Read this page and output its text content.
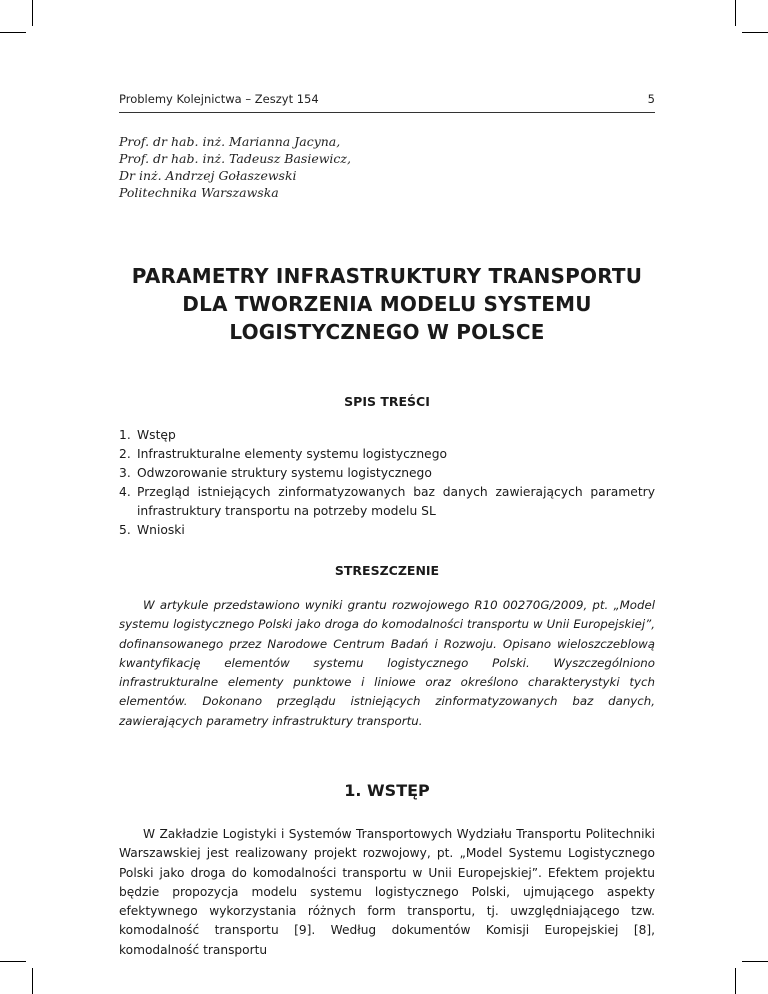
Problemy Kolejnictwa – Zeszyt 154	5
Prof. dr hab. inż. Marianna Jacyna,
Prof. dr hab. inż. Tadeusz Basiewicz,
Dr inż. Andrzej Gołaszewski
Politechnika Warszawska
PARAMETRY INFRASTRUKTURY TRANSPORTU
DLA TWORZENIA MODELU SYSTEMU
LOGISTYCZNEGO W POLSCE
SPIS TREŚCI
1. Wstęp
2. Infrastrukturalne elementy systemu logistycznego
3. Odwzorowanie struktury systemu logistycznego
4. Przegląd istniejących zinformatyzowanych baz danych zawierających parametry infrastruktury transportu na potrzeby modelu SL
5. Wnioski
STRESZCZENIE

W artykule przedstawiono wyniki grantu rozwojowego R10 00270G/2009, pt. „Model systemu logistycznego Polski jako droga do komodalności transportu w Unii Europejskiej”, dofinansowanego przez Narodowe Centrum Badań i Rozwoju. Opisano wieloszczeblową kwantyfikację elementów systemu logistycznego Polski. Wyszczególniono infrastrukturalne elementy punktowe i liniowe oraz określono charakterystyki tych elementów. Dokonano przeglądu istniejących zinformatyzowanych baz danych, zawierających parametry infrastruktury transportu.

1. WSTĘP

W Zakładzie Logistyki i Systemów Transportowych Wydziału Transportu Politechniki Warszawskiej jest realizowany projekt rozwojowy, pt. „Model Systemu Logistycznego Polski jako droga do komodalności transportu w Unii Europejskiej”. Efektem projektu będzie propozycja modelu systemu logistycznego Polski, ujmującego aspekty efektywnego wykorzystania różnych form transportu, tj. uwzględniającego tzw. komodalność transportu [9]. Według dokumentów Komisji Europejskiej [8], komodalność transportu
